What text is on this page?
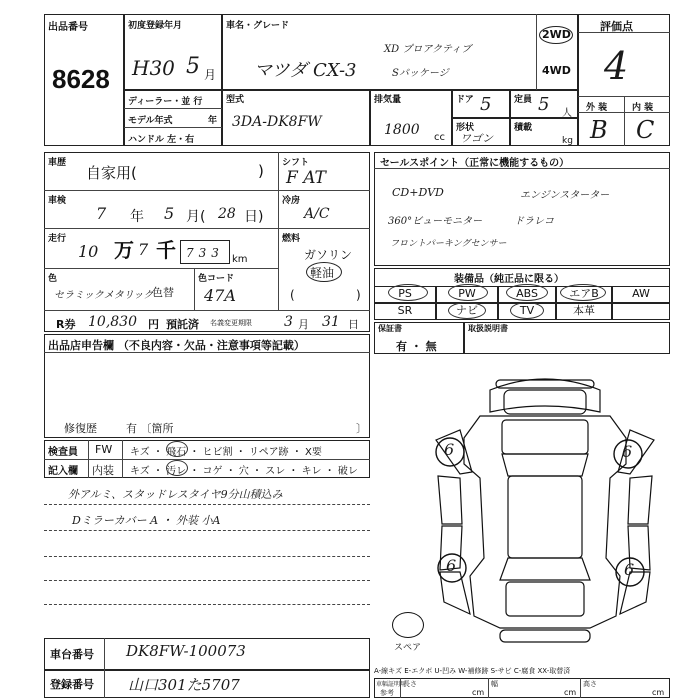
出品番号
8628
初度登録年月
H30 5 月
車名・グレード
マツダ CX-3
XD プロアクティブ
Sパッケージ
2WD
4WD
評価点
4
外 装	内 装
B C
ディーラー・並 行
モデル年式	年
ハンドル 左・右
型式
3DA-DK8FW
排気量
1800 cc
ドア 5	定員 5 人
形状
ワゴン
積載
kg
車歴
自家用(	) シフト
F AT
車検
7 年 5 月( 28 日)
冷房
A/C
走行
10 万 7 千 733 km
燃料
ガソリン
軽油
(	)
色
セラミックメタリック
色替
色コード
47A
R券 10,830 円 預託済 名義変更期限 3 月 31 日
セールスポイント（正常に機能するもの）
CD+DVD	エンジンスターター
360°ビューモニター	ドラレコ
フロントパーキングセンサー
装備品（純正品に限る）
PS	PW	ABS	エアB	AW
SR	ナビ	TV	本革
保証書
有 ・ 無
取扱説明書
出品店申告欄 （不良内容・欠品・注意事項等記載）
修復歴	有 〔箇所	〕
検査員
記入欄
FW キズ ・ 飛石 ・ ヒビ割 ・ リペア跡 ・ X要
内装 キズ ・ 汚レ ・ コゲ ・ 穴 ・ スレ ・ キレ ・ 破レ
外アルミ、スタッドレスタイヤ9分山積込み
Dミラーカバー A ・ 外装 小A
6	6
6	6
スペア
車台番号 DK8FW-100073
登録番号 山口301た5707
A-線キズ E-エクボ U-凹み W-補修跡 S-サビ C-腐食 XX-取替済
車幅証明用
参考
長さ
cm
幅
cm
高さ
cm
